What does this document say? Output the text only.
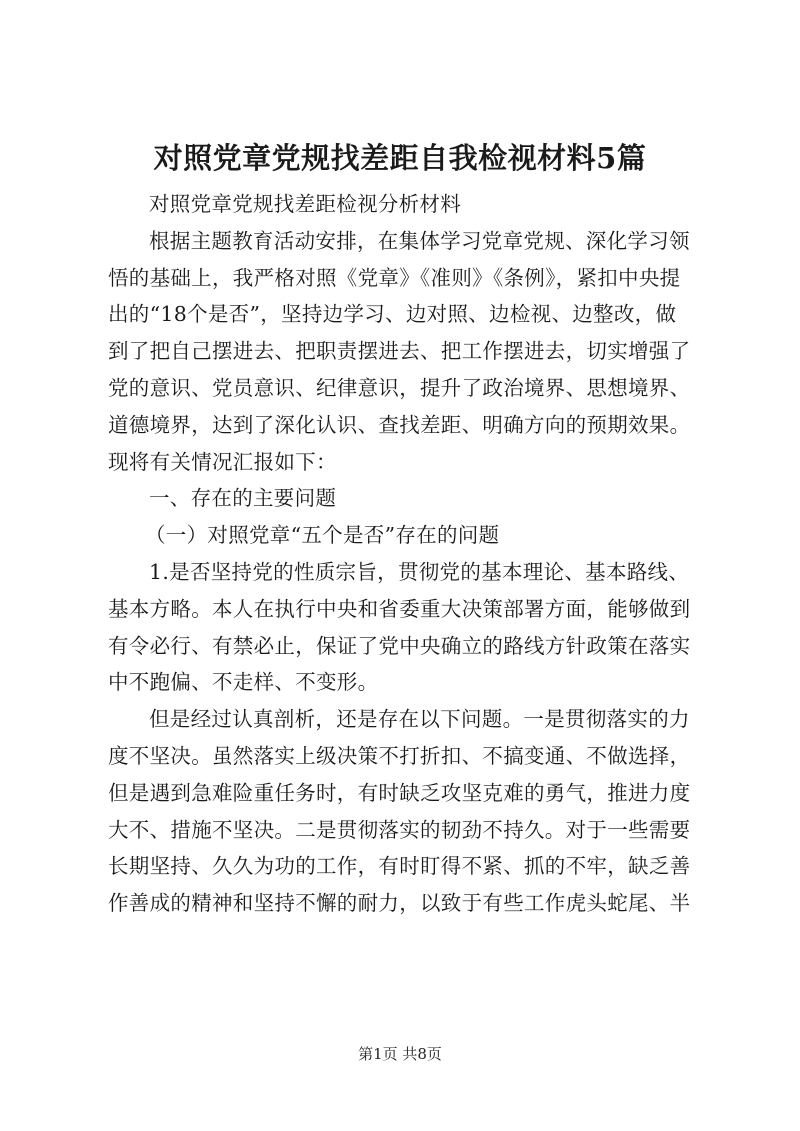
对照党章党规找差距自我检视材料5篇
对照党章党规找差距检视分析材料
根据主题教育活动安排，在集体学习党章党规、深化学习领
悟的基础上，我严格对照《党章》《准则》《条例》，紧扣中央提
出的“18个是否”，坚持边学习、边对照、边检视、边整改，做
到了把自己摆进去、把职责摆进去、把工作摆进去，切实增强了
党的意识、党员意识、纪律意识，提升了政治境界、思想境界、
道德境界，达到了深化认识、查找差距、明确方向的预期效果。
现将有关情况汇报如下：
一、存在的主要问题
（一）对照党章“五个是否”存在的问题
1.是否坚持党的性质宗旨，贯彻党的基本理论、基本路线、
基本方略。本人在执行中央和省委重大决策部署方面，能够做到
有令必行、有禁必止，保证了党中央确立的路线方针政策在落实
中不跑偏、不走样、不变形。
但是经过认真剖析，还是存在以下问题。一是贯彻落实的力
度不坚决。虽然落实上级决策不打折扣、不搞变通、不做选择，
但是遇到急难险重任务时，有时缺乏攻坚克难的勇气，推进力度
大不、措施不坚决。二是贯彻落实的韧劲不持久。对于一些需要
长期坚持、久久为功的工作，有时盯得不紧、抓的不牢，缺乏善
作善成的精神和坚持不懈的耐力，以致于有些工作虎头蛇尾、半
第1页 共8页
